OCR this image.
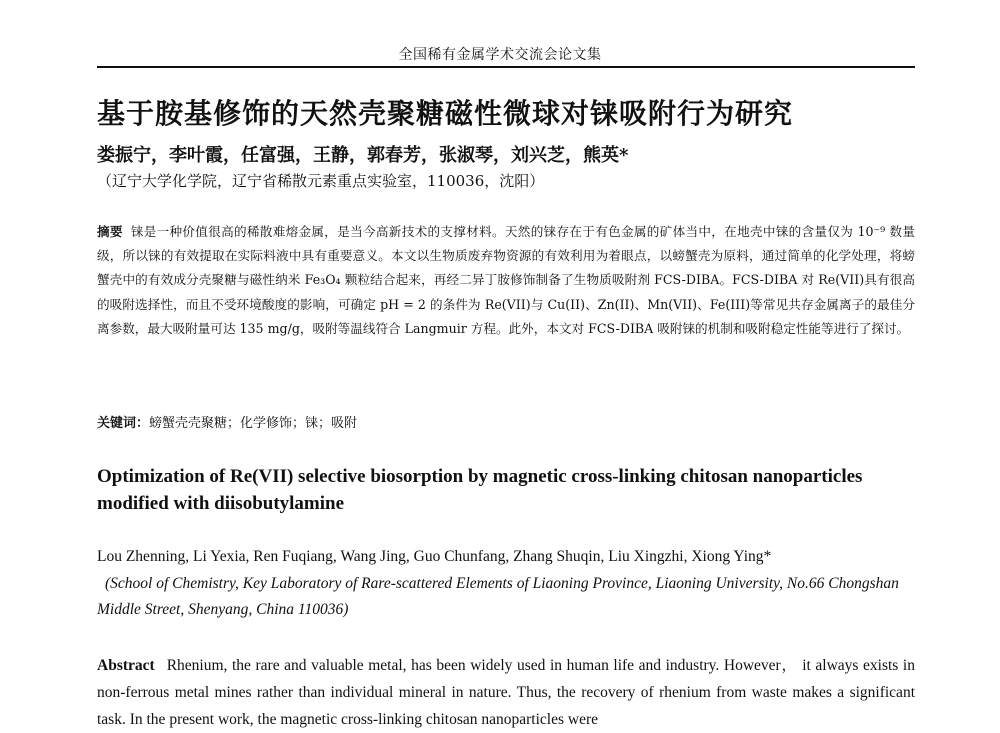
全国稀有金属学术交流会论文集
基于胺基修饰的天然壳聚糖磁性微球对铼吸附行为研究
娄振宁，李叶霞，任富强，王静，郭春芳，张淑琴，刘兴芝，熊英*
（辽宁大学化学院，辽宁省稀散元素重点实验室，110036，沈阳）
摘要 铼是一种价值很高的稀散难熔金属，是当今高新技术的支撑材料。天然的铼存在于有色金属的矿体当中，在地壳中铼的含量仅为 10⁻⁹ 数量级，所以铼的有效提取在实际料液中具有重要意义。本文以生物质废弃物资源的有效利用为着眼点，以螃蟹壳为原料，通过简单的化学处理，将螃蟹壳中的有效成分壳聚糖与磁性纳米 Fe₃O₄ 颗粒结合起来，再经二异丁胺修饰制备了生物质吸附剂 FCS-DIBA。FCS-DIBA 对 Re(VII)具有很高的吸附选择性，而且不受环境酸度的影响，可确定 pH = 2 的条件为 Re(VII)与 Cu(II)、Zn(II)、Mn(VII)、Fe(III)等常见共存金属离子的最佳分离参数，最大吸附量可达 135 mg/g，吸附等温线符合 Langmuir 方程。此外，本文对 FCS-DIBA 吸附铼的机制和吸附稳定性能等进行了探讨。
关键词：螃蟹壳壳聚糖；化学修饰；铼；吸附
Optimization of Re(VII) selective biosorption by magnetic cross-linking chitosan nanoparticles modified with diisobutylamine
Lou Zhenning, Li Yexia, Ren Fuqiang, Wang Jing, Guo Chunfang, Zhang Shuqin, Liu Xingzhi, Xiong Ying*
(School of Chemistry, Key Laboratory of Rare-scattered Elements of Liaoning Province, Liaoning University, No.66 Chongshan Middle Street, Shenyang, China 110036)
Abstract Rhenium, the rare and valuable metal, has been widely used in human life and industry. However， it always exists in non-ferrous metal mines rather than individual mineral in nature. Thus, the recovery of rhenium from waste makes a significant task. In the present work, the magnetic cross-linking chitosan nanoparticles were
